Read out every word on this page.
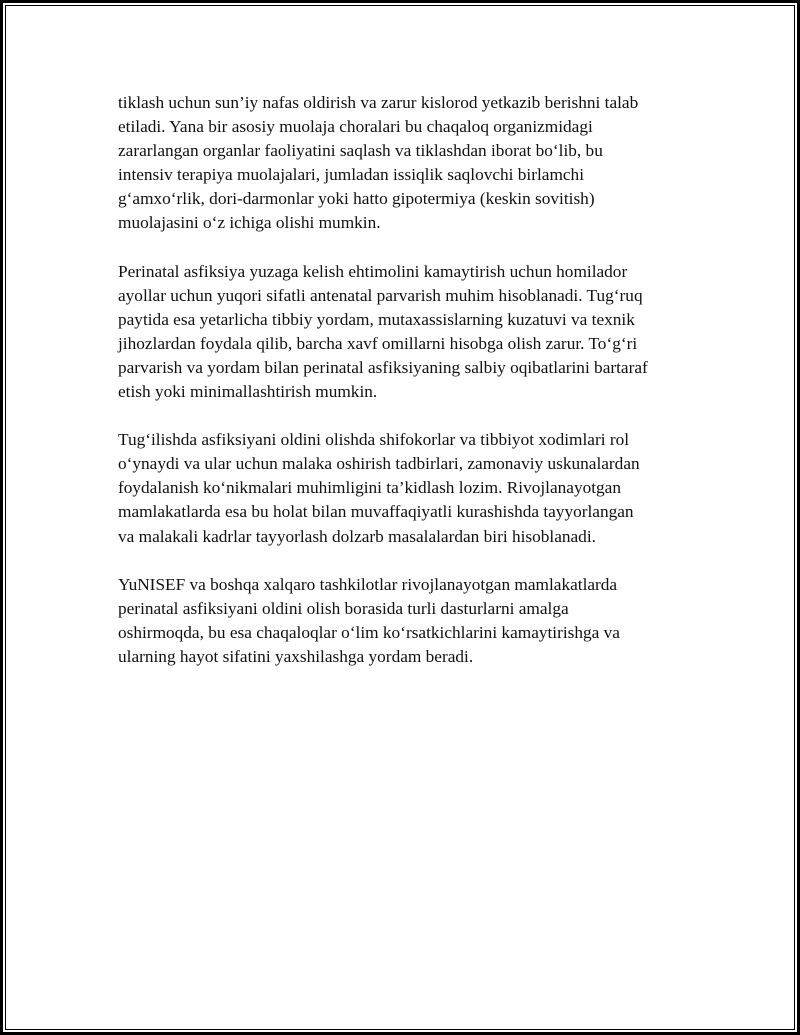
tiklash uchun sun’iy nafas oldirish va zarur kislorod yetkazib berishni talab
etiladi. Yana bir asosiy muolaja choralari bu chaqaloq organizmidagi
zararlangan organlar faoliyatini saqlash va tiklashdan iborat bo‘lib, bu
intensiv terapiya muolajalari, jumladan issiqlik saqlovchi birlamchi
g‘amxo‘rlik, dori-darmonlar yoki hatto gipotermiya (keskin sovitish)
muolajasini o‘z ichiga olishi mumkin.

Perinatal asfiksiya yuzaga kelish ehtimolini kamaytirish uchun homilador
ayollar uchun yuqori sifatli antenatal parvarish muhim hisoblanadi. Tug‘ruq
paytida esa yetarlicha tibbiy yordam, mutaxassislarning kuzatuvi va texnik
jihozlardan foydala qilib, barcha xavf omillarni hisobga olish zarur. To‘g‘ri
parvarish va yordam bilan perinatal asfiksiyaning salbiy oqibatlarini bartaraf
etish yoki minimallashtirish mumkin.

Tug‘ilishda asfiksiyani oldini olishda shifokorlar va tibbiyot xodimlari rol
o‘ynaydi va ular uchun malaka oshirish tadbirlari, zamonaviy uskunalardan
foydalanish ko‘nikmalari muhimligini ta’kidlash lozim. Rivojlanayotgan
mamlakatlarda esa bu holat bilan muvaffaqiyatli kurashishda tayyorlangan
va malakali kadrlar tayyorlash dolzarb masalalardan biri hisoblanadi.

YuNISEF va boshqa xalqaro tashkilotlar rivojlanayotgan mamlakatlarda
perinatal asfiksiyani oldini olish borasida turli dasturlarni amalga
oshirmoqda, bu esa chaqaloqlar o‘lim ko‘rsatkichlarini kamaytirishga va
ularning hayot sifatini yaxshilashga yordam beradi.
